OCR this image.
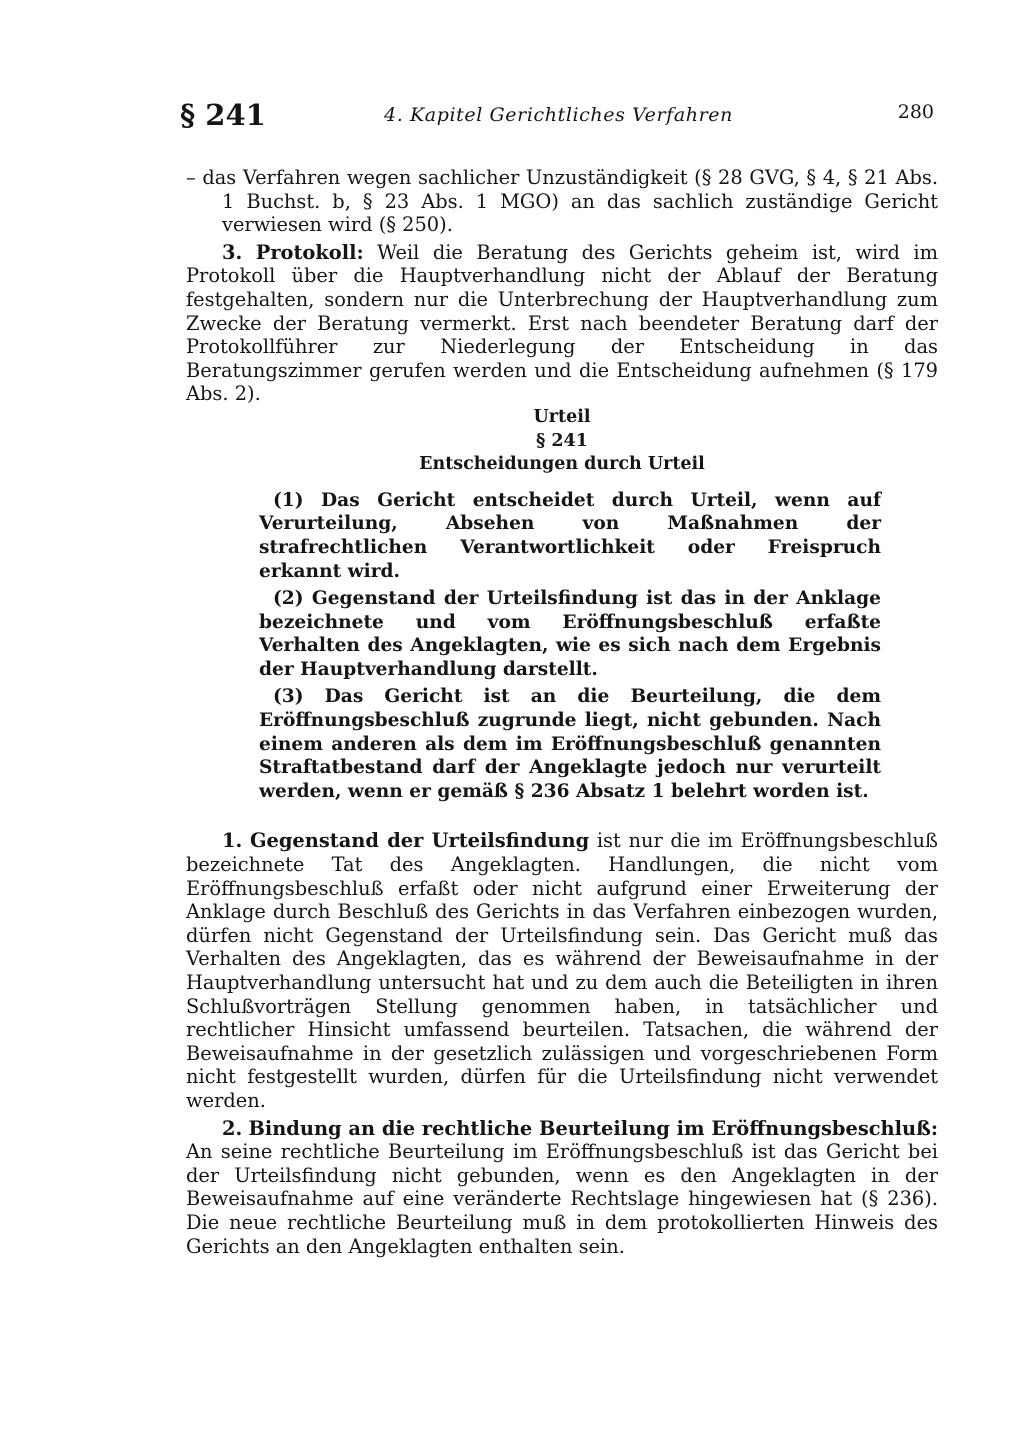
§ 241	4. Kapitel Gerichtliches Verfahren	280

– das Verfahren wegen sachlicher Unzuständigkeit (§ 28 GVG, § 4, § 21 Abs. 1 Buchst. b, § 23 Abs. 1 MGO) an das sachlich zuständige Gericht verwiesen wird (§ 250).

3. Protokoll: Weil die Beratung des Gerichts geheim ist, wird im Protokoll über die Hauptverhandlung nicht der Ablauf der Beratung festgehalten, sondern nur die Unterbrechung der Hauptverhandlung zum Zwecke der Beratung vermerkt. Erst nach beendeter Beratung darf der Protokollführer zur Niederlegung der Entscheidung in das Beratungszimmer gerufen werden und die Entscheidung aufnehmen (§ 179 Abs. 2).

Urteil

§ 241

Entscheidungen durch Urteil

(1) Das Gericht entscheidet durch Urteil, wenn auf Verurteilung, Absehen von Maßnahmen der strafrechtlichen Verantwortlichkeit oder Freispruch erkannt wird.

(2) Gegenstand der Urteilsfindung ist das in der Anklage bezeichnete und vom Eröffnungsbeschluß erfaßte Verhalten des Angeklagten, wie es sich nach dem Ergebnis der Hauptverhandlung darstellt.

(3) Das Gericht ist an die Beurteilung, die dem Eröffnungsbeschluß zugrunde liegt, nicht gebunden. Nach einem anderen als dem im Eröffnungsbeschluß genannten Straftatbestand darf der Angeklagte jedoch nur verurteilt werden, wenn er gemäß § 236 Absatz 1 belehrt worden ist.

1. Gegenstand der Urteilsfindung ist nur die im Eröffnungsbeschluß bezeichnete Tat des Angeklagten. Handlungen, die nicht vom Eröffnungsbeschluß erfaßt oder nicht aufgrund einer Erweiterung der Anklage durch Beschluß des Gerichts in das Verfahren einbezogen wurden, dürfen nicht Gegenstand der Urteilsfindung sein. Das Gericht muß das Verhalten des Angeklagten, das es während der Beweisaufnahme in der Hauptverhandlung untersucht hat und zu dem auch die Beteiligten in ihren Schlußvorträgen Stellung genommen haben, in tatsächlicher und rechtlicher Hinsicht umfassend beurteilen. Tatsachen, die während der Beweisaufnahme in der gesetzlich zulässigen und vorgeschriebenen Form nicht festgestellt wurden, dürfen für die Urteilsfindung nicht verwendet werden.

2. Bindung an die rechtliche Beurteilung im Eröffnungsbeschluß: An seine rechtliche Beurteilung im Eröffnungsbeschluß ist das Gericht bei der Urteilsfindung nicht gebunden, wenn es den Angeklagten in der Beweisaufnahme auf eine veränderte Rechtslage hingewiesen hat (§ 236). Die neue rechtliche Beurteilung muß in dem protokollierten Hinweis des Gerichts an den Angeklagten enthalten sein.
